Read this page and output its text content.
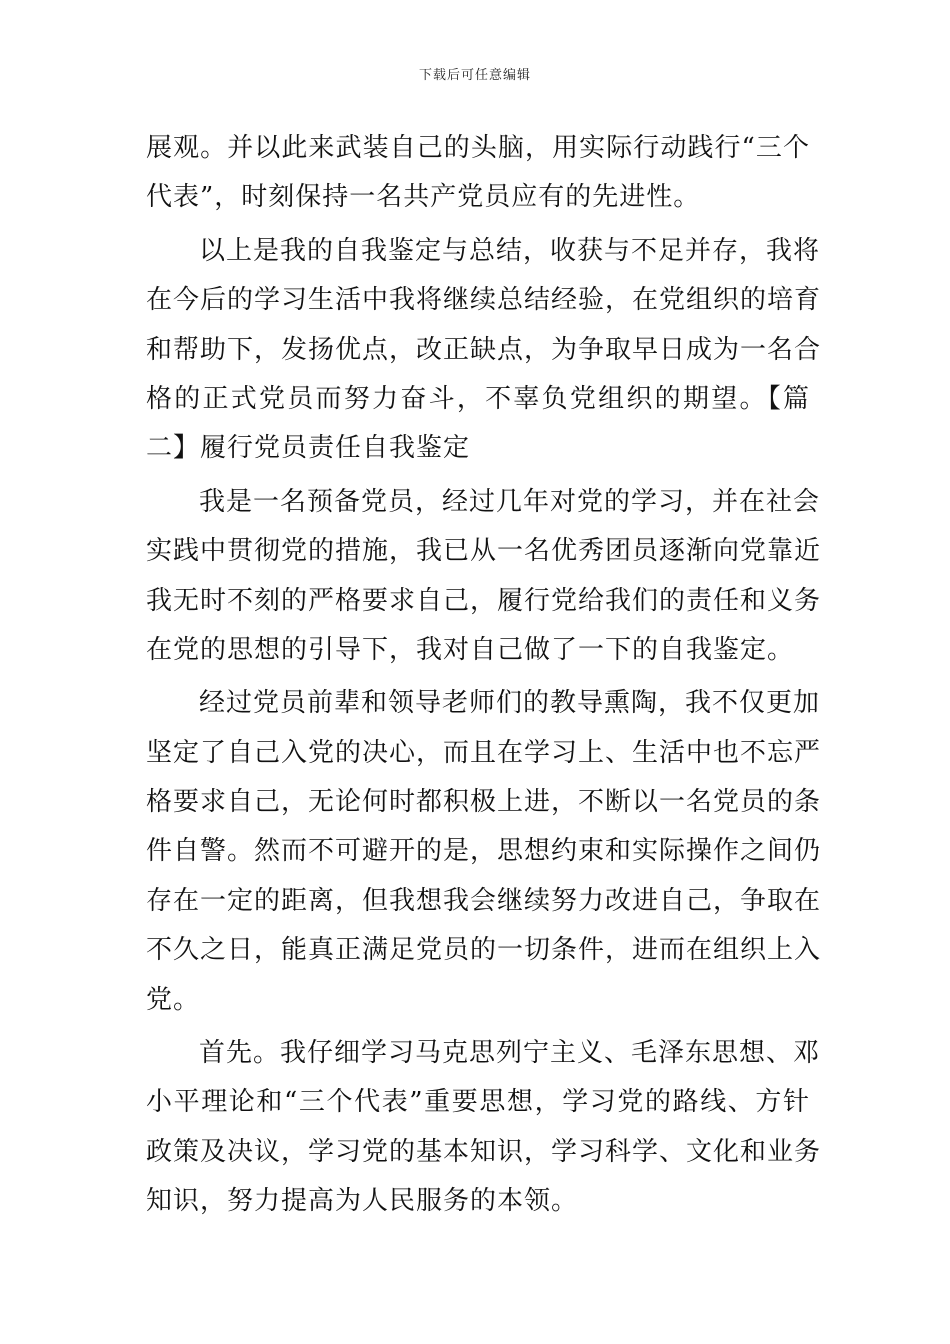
下载后可任意编辑
展观。并以此来武装自己的头脑，用实际行动践行“三个
代表”，时刻保持一名共产党员应有的先进性。
以上是我的自我鉴定与总结，收获与不足并存，我将
在今后的学习生活中我将继续总结经验，在党组织的培育
和帮助下，发扬优点，改正缺点，为争取早日成为一名合
格的正式党员而努力奋斗，不辜负党组织的期望。【篇
二】履行党员责任自我鉴定
我是一名预备党员，经过几年对党的学习，并在社会
实践中贯彻党的措施，我已从一名优秀团员逐渐向党靠近
我无时不刻的严格要求自己，履行党给我们的责任和义务
在党的思想的引导下，我对自己做了一下的自我鉴定。
经过党员前辈和领导老师们的教导熏陶，我不仅更加
坚定了自己入党的决心，而且在学习上、生活中也不忘严
格要求自己，无论何时都积极上进，不断以一名党员的条
件自警。然而不可避开的是，思想约束和实际操作之间仍
存在一定的距离，但我想我会继续努力改进自己，争取在
不久之日，能真正满足党员的一切条件，进而在组织上入
党。
首先。我仔细学习马克思列宁主义、毛泽东思想、邓
小平理论和“三个代表”重要思想，学习党的路线、方针
政策及决议，学习党的基本知识，学习科学、文化和业务
知识，努力提高为人民服务的本领。
